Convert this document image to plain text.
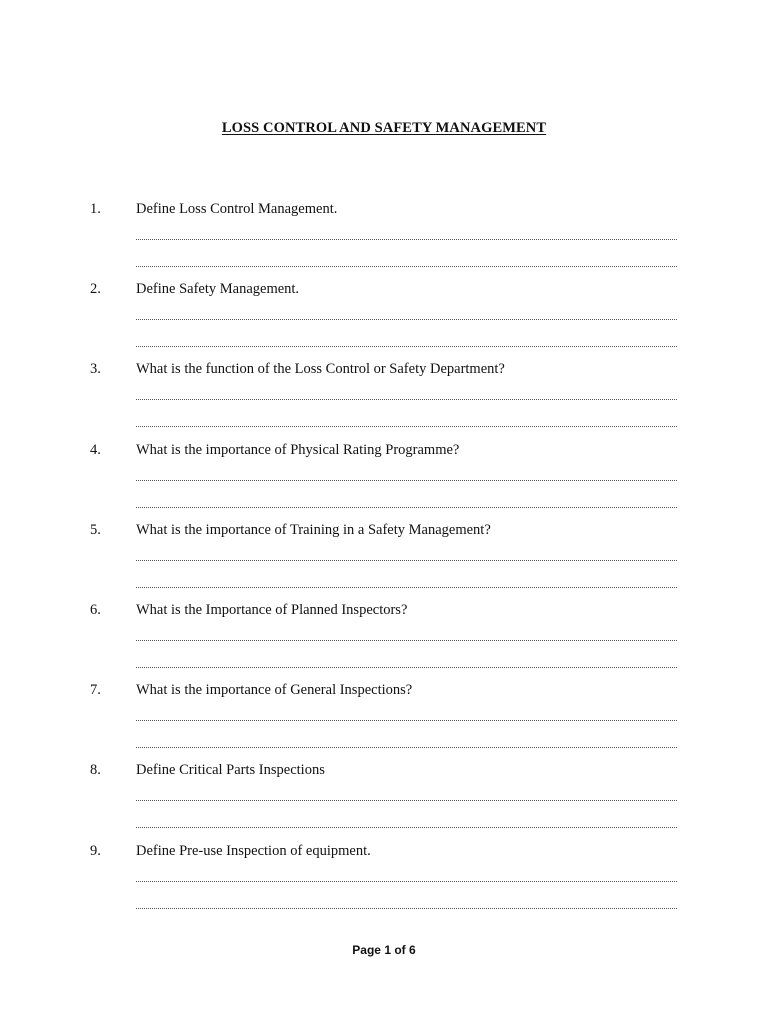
LOSS CONTROL AND SAFETY MANAGEMENT
1. Define Loss Control Management.
2. Define Safety Management.
3. What is the function of the Loss Control or Safety Department?
4. What is the importance of Physical Rating Programme?
5. What is the importance of Training in a Safety Management?
6. What is the Importance of Planned Inspectors?
7. What is the importance of General Inspections?
8. Define Critical Parts Inspections
9. Define Pre-use Inspection of equipment.
Page 1 of 6
